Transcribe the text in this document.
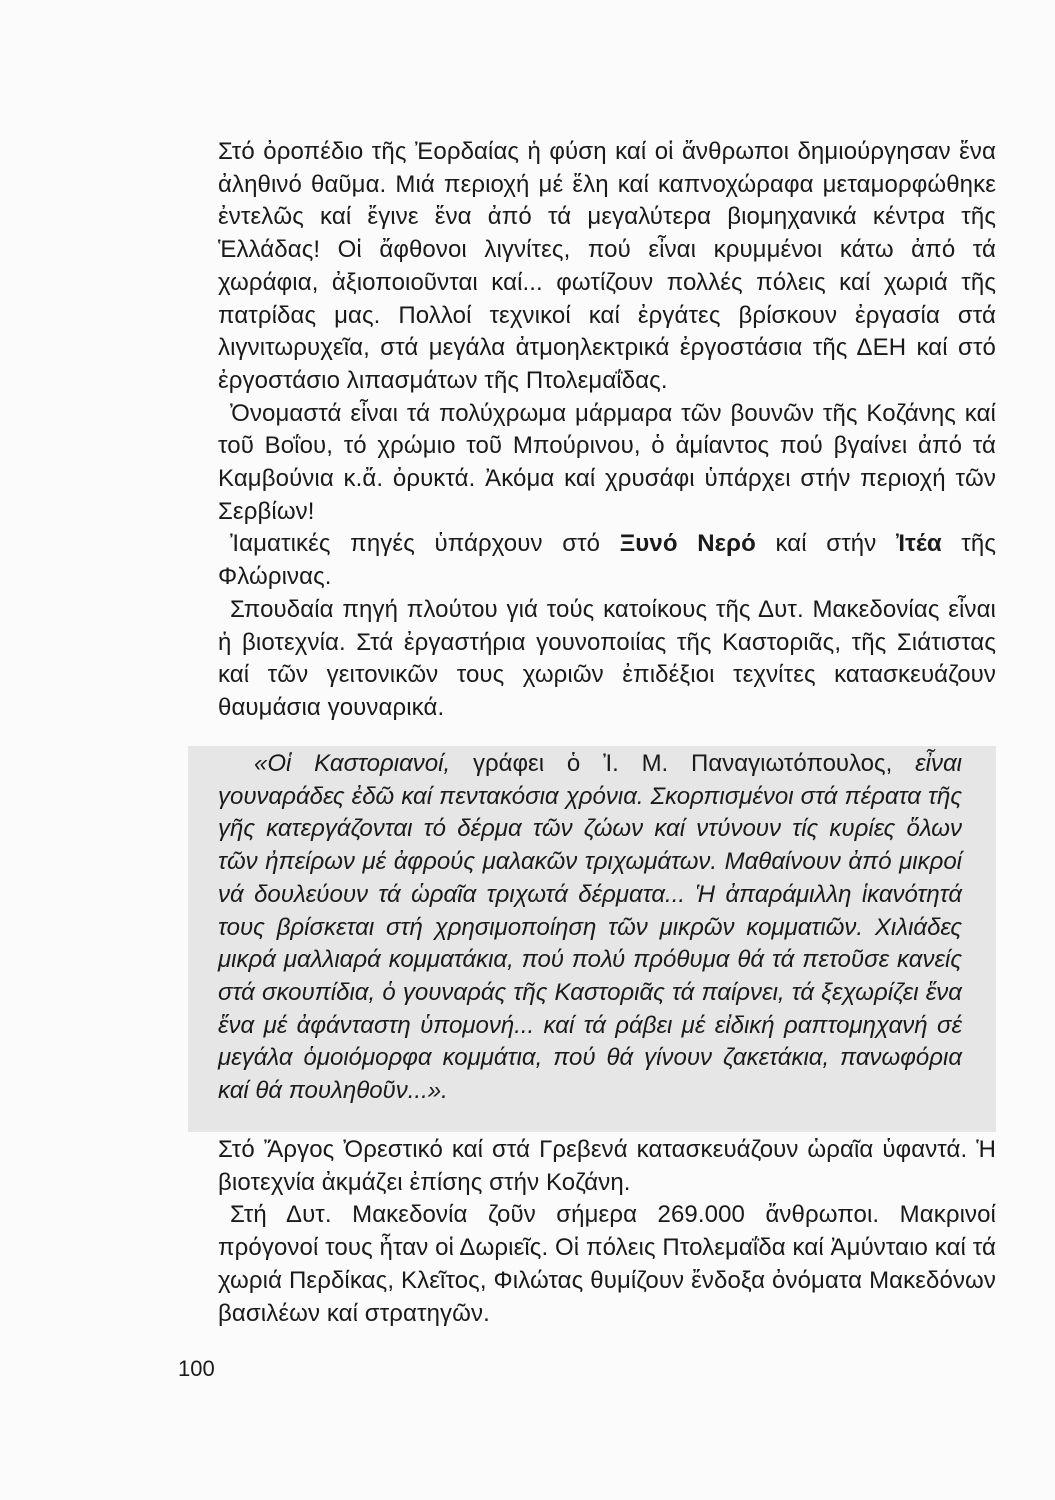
Στό ὀροπέδιο τῆς Ἐορδαίας ἡ φύση καί οἱ ἄνθρωποι δημιούργησαν ἕνα ἀληθινό θαῦμα. Μιά περιοχή μέ ἕλη καί καπνοχώραφα μεταμορφώθηκε ἐντελῶς καί ἔγινε ἕνα ἀπό τά μεγαλύτερα βιομηχανικά κέντρα τῆς Ἑλλάδας! Οἱ ἄφθονοι λιγνίτες, πού εἶναι κρυμμένοι κάτω ἀπό τά χωράφια, ἀξιοποιοῦνται καί... φωτίζουν πολλές πόλεις καί χωριά τῆς πατρίδας μας. Πολλοί τεχνικοί καί ἐργάτες βρίσκουν ἐργασία στά λιγνιτωρυχεῖα, στά μεγάλα ἀτμοηλεκτρικά ἐργοστάσια τῆς ΔΕΗ καί στό ἐργοστάσιο λιπασμάτων τῆς Πτολεμαΐδας.

Ὀνομαστά εἶναι τά πολύχρωμα μάρμαρα τῶν βουνῶν τῆς Κοζάνης καί τοῦ Βοΐου, τό χρώμιο τοῦ Μπούρινου, ὁ ἀμίαντος πού βγαίνει ἀπό τά Καμβούνια κ.ἄ. ὀρυκτά. Ἀκόμα καί χρυσάφι ὑπάρχει στήν περιοχή τῶν Σερβίων!

Ἰαματικές πηγές ὑπάρχουν στό Ξυνό Νερό καί στήν Ἰτέα τῆς Φλώρινας.

Σπουδαία πηγή πλούτου γιά τούς κατοίκους τῆς Δυτ. Μακεδονίας εἶναι ἡ βιοτεχνία. Στά ἐργαστήρια γουνοποιίας τῆς Καστοριᾶς, τῆς Σιάτιστας καί τῶν γειτονικῶν τους χωριῶν ἐπιδέξιοι τεχνίτες κατασκευάζουν θαυμάσια γουναρικά.

«Οἱ Καστοριανοί, γράφει ὁ Ἰ. Μ. Παναγιωτόπουλος, εἶναι γουναράδες ἐδῶ καί πεντακόσια χρόνια. Σκορπισμένοι στά πέρατα τῆς γῆς κατεργάζονται τό δέρμα τῶν ζώων καί ντύνουν τίς κυρίες ὅλων τῶν ἠπείρων μέ ἀφρούς μαλακῶν τριχωμάτων. Μαθαίνουν ἀπό μικροί νά δουλεύουν τά ὡραῖα τριχωτά δέρματα... Ἡ ἀπαράμιλλη ἱκανότητά τους βρίσκεται στή χρησιμοποίηση τῶν μικρῶν κομματιῶν. Χιλιάδες μικρά μαλλιαρά κομματάκια, πού πολύ πρόθυμα θά τά πετοῦσε κανείς στά σκουπίδια, ὁ γουναράς τῆς Καστοριᾶς τά παίρνει, τά ξεχωρίζει ἕνα ἕνα μέ ἀφάνταστη ὑπομονή... καί τά ράβει μέ εἰδική ραπτομηχανή σέ μεγάλα ὁμοιόμορφα κομμάτια, πού θά γίνουν ζακετάκια, πανωφόρια καί θά πουληθοῦν...».

Στό Ἄργος Ὀρεστικό καί στά Γρεβενά κατασκευάζουν ὡραῖα ὑφαντά. Ἡ βιοτεχνία ἀκμάζει ἐπίσης στήν Κοζάνη.

Στή Δυτ. Μακεδονία ζοῦν σήμερα 269.000 ἄνθρωποι. Μακρινοί πρόγονοί τους ἦταν οἱ Δωριεῖς. Οἱ πόλεις Πτολεμαΐδα καί Ἀμύνταιο καί τά χωριά Περδίκας, Κλεῖτος, Φιλώτας θυμίζουν ἔνδοξα ὀνόματα Μακεδόνων βασιλέων καί στρατηγῶν.

100
